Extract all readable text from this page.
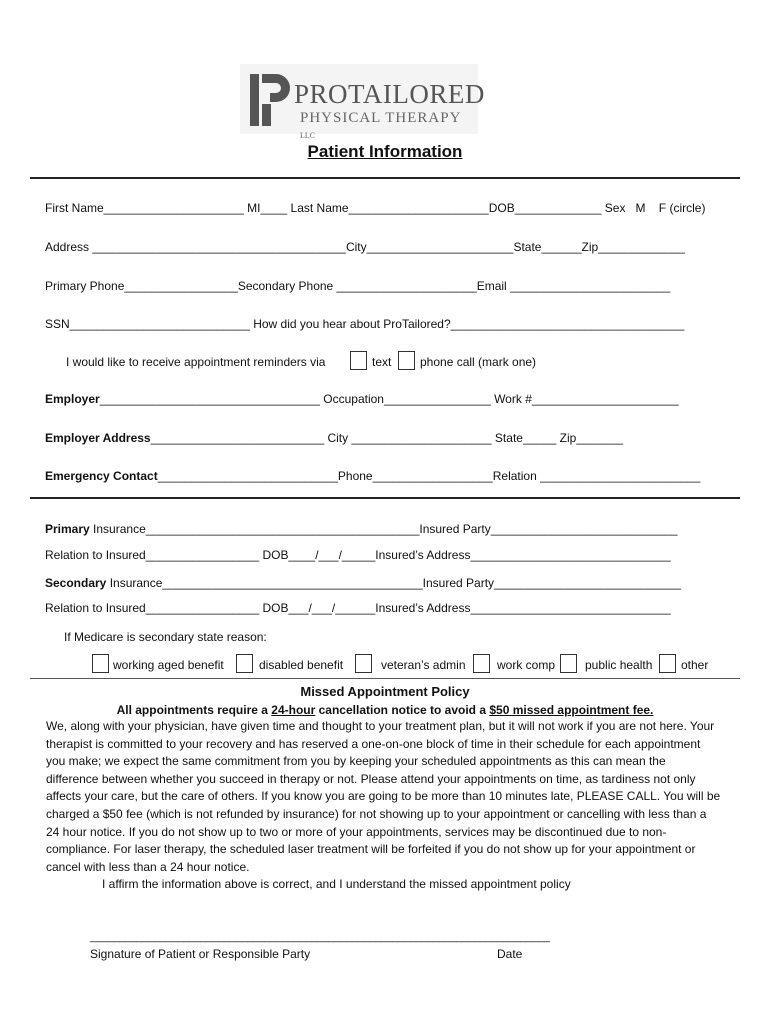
PROTAILORED
PHYSICAL THERAPY LLC
Patient Information
First Name_____________________ MI____ Last Name_____________________DOB_____________ Sex   M    F (circle)
Address ______________________________________City______________________State______Zip_____________
Primary Phone_________________Secondary Phone _____________________Email ________________________
SSN___________________________ How did you hear about ProTailored?___________________________________
I would like to receive appointment reminders via	text phone call (mark one)
Employer_________________________________ Occupation________________ Work #______________________
Employer Address__________________________ City _____________________ State_____ Zip_______
Emergency Contact___________________________Phone__________________Relation ________________________
Primary Insurance_________________________________________Insured Party____________________________
Relation to Insured_________________ DOB____/___/_____Insured’s Address______________________________
Secondary Insurance_______________________________________Insured Party____________________________
Relation to Insured_________________ DOB___/___/______Insured’s Address______________________________
If Medicare is secondary state reason:
working aged benefit	disabled benefit	veteran’s admin	work comp public health other
Missed Appointment Policy
All appointments require a 24-hour cancellation notice to avoid a $50 missed appointment fee.
We, along with your physician, have given time and thought to your treatment plan, but it will not work if you are not here. Your therapist is committed to your recovery and has reserved a one-on-one block of time in their schedule for each appointment you make; we expect the same commitment from you by keeping your scheduled appointments as this can mean the difference between whether you succeed in therapy or not. Please attend your appointments on time, as tardiness not only affects your care, but the care of others. If you know you are going to be more than 10 minutes late, PLEASE CALL. You will be charged a $50 fee (which is not refunded by insurance) for not showing up to your appointment or cancelling with less than a 24 hour notice. If you do not show up to two or more of your appointments, services may be discontinued due to non-compliance. For laser therapy, the scheduled laser treatment will be forfeited if you do not show up for your appointment or cancel with less than a 24 hour notice.
I affirm the information above is correct, and I understand the missed appointment policy
_______________________________________________________________________________
Signature of Patient or Responsible Party	Date
